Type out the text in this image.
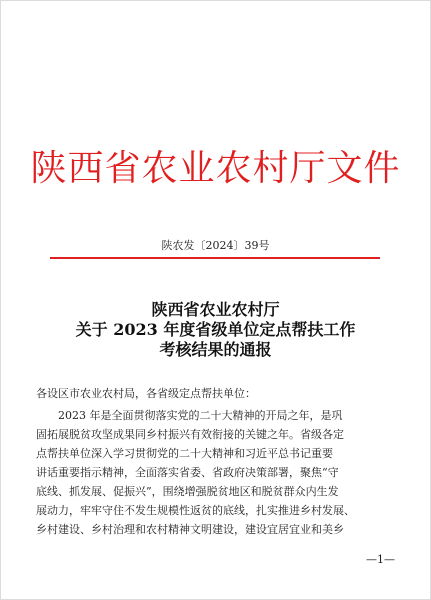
陕西省农业农村厅文件
陕农发〔2024〕39号
陕西省农业农村厅
关于 2023 年度省级单位定点帮扶工作
考核结果的通报
各设区市农业农村局，各省级定点帮扶单位：
　　2023 年是全面贯彻落实党的二十大精神的开局之年，是巩
固拓展脱贫攻坚成果同乡村振兴有效衔接的关键之年。省级各定
点帮扶单位深入学习贯彻党的二十大精神和习近平总书记重要
讲话重要指示精神，全面落实省委、省政府决策部署，聚焦“守
底线、抓发展、促振兴”，围绕增强脱贫地区和脱贫群众内生发
展动力，牢牢守住不发生规模性返贫的底线，扎实推进乡村发展、
乡村建设、乡村治理和农村精神文明建设，建设宜居宜业和美乡
—1—
